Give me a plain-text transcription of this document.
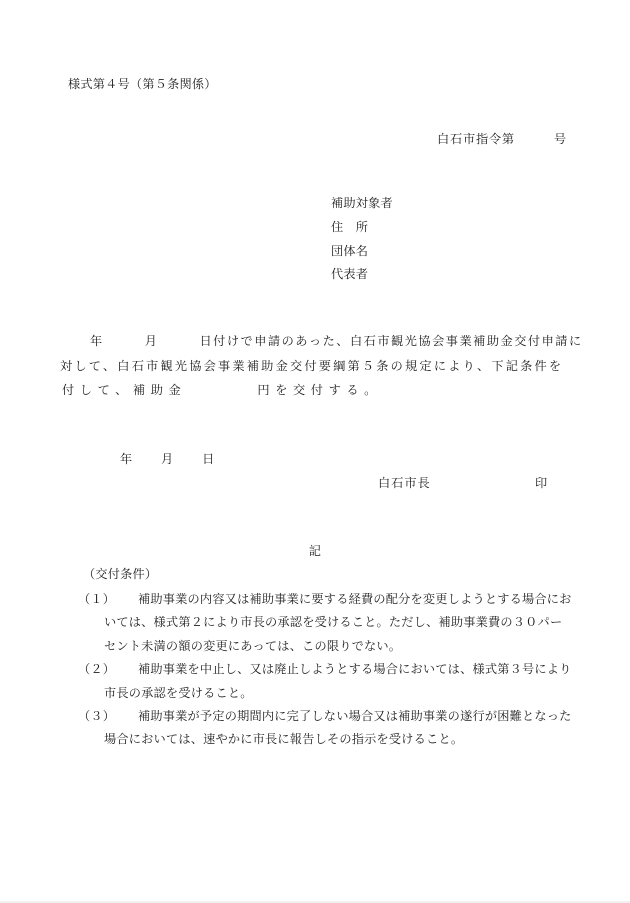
様式第４号（第５条関係）
白石市指令第　　　号
補助対象者
住　所
団体名
代表者
年　　　月　　　日付けで申請のあった、白石市観光協会事業補助金交付申請に
対して、白石市観光協会事業補助金交付要綱第５条の規定により、下記条件を
付して、補助金　　　　円を交付する。
年　　月　　日
白石市長	印
記
（交付条件）
（１） 補助事業の内容又は補助事業に要する経費の配分を変更しようとする場合にお
いては、様式第２により市長の承認を受けること。ただし、補助事業費の３０パー
セント未満の額の変更にあっては、この限りでない。
（２） 補助事業を中止し、又は廃止しようとする場合においては、様式第３号により
市長の承認を受けること。
（３） 補助事業が予定の期間内に完了しない場合又は補助事業の遂行が困難となった
場合においては、速やかに市長に報告しその指示を受けること。
